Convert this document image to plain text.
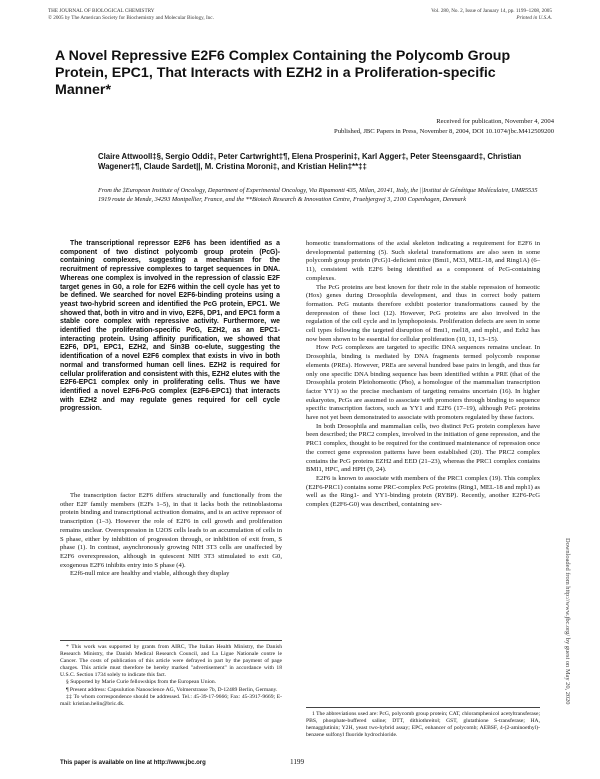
THE JOURNAL OF BIOLOGICAL CHEMISTRY
© 2005 by The American Society for Biochemistry and Molecular Biology, Inc.
Vol. 280, No. 2, Issue of January 14, pp. 1199–1208, 2005
Printed in U.S.A.
A Novel Repressive E2F6 Complex Containing the Polycomb Group Protein, EPC1, That Interacts with EZH2 in a Proliferation-specific Manner*
Received for publication, November 4, 2004
Published, JBC Papers in Press, November 8, 2004, DOI 10.1074/jbc.M412509200
Claire Attwooll‡§, Sergio Oddi‡, Peter Cartwright‡¶, Elena Prosperini‡, Karl Agger‡, Peter Steensgaard‡, Christian Wagener‡¶, Claude Sardet||, M. Cristina Moroni‡, and Kristian Helin‡**‡‡
From the ‡European Institute of Oncology, Department of Experimental Oncology, Via Ripamonti 435, Milan, 20141, Italy, the ||Institut de Génétique Moléculaire, UMR5535 1919 route de Mende, 34293 Montpellier, France, and the **Biotech Research & Innovation Centre, Fruebjergvej 3, 2100 Copenhagen, Denmark
The transcriptional repressor E2F6 has been identified as a component of two distinct polycomb group protein (PcG)-containing complexes, suggesting a mechanism for the recruitment of repressive complexes to target sequences in DNA. Whereas one complex is involved in the repression of classic E2F target genes in G0, a role for E2F6 within the cell cycle has yet to be defined. We searched for novel E2F6-binding proteins using a yeast two-hybrid screen and identified the PcG protein, EPC1. We showed that, both in vitro and in vivo, E2F6, DP1, and EPC1 form a stable core complex with repressive activity. Furthermore, we identified the proliferation-specific PcG, EZH2, as an EPC1-interacting protein. Using affinity purification, we showed that E2F6, DP1, EPC1, EZH2, and Sin3B co-elute, suggesting the identification of a novel E2F6 complex that exists in vivo in both normal and transformed human cell lines. EZH2 is required for cellular proliferation and consistent with this, EZH2 elutes with the E2F6-EPC1 complex only in proliferating cells. Thus we have identified a novel E2F6-PcG complex (E2F6-EPC1) that interacts with EZH2 and may regulate genes required for cell cycle progression.

The transcription factor E2F6 differs structurally and functionally from the other E2F family members (E2Fs 1–5), in that it lacks both the retinoblastoma protein binding and transcriptional activation domains, and is an active repressor of transcription (1–3). However the role of E2F6 in cell growth and proliferation remains unclear. Overexpression in U2OS cells leads to an accumulation of cells in S phase, either by inhibition of progression through, or inhibition of exit from, S phase (1). In contrast, asynchronously growing NIH 3T3 cells are unaffected by E2F6 overexpression, although in quiescent NIH 3T3 stimulated to exit G0, exogenous E2F6 inhibits entry into S phase (4).

E2f6-null mice are healthy and viable, although they display

* This work was supported by grants from AIRC, The Italian Health Ministry, the Danish Research Ministry, the Danish Medical Research Council, and La Ligue Nationale contre le Cancer. The costs of publication of this article were defrayed in part by the payment of page charges. This article must therefore be hereby marked "advertisement" in accordance with 18 U.S.C. Section 1734 solely to indicate this fact.

§ Supported by Marie Curie fellowships from the European Union.

¶ Present address: Capsulution Nanoscience AG, Volmerstrasse 7b, D-12489 Berlin, Germany.

‡‡ To whom correspondence should be addressed. Tel.: 45-39-17-9666; Fax: 45-3917-9669; E-mail: kristian.helin@bric.dk.

homeotic transformations of the axial skeleton indicating a requirement for E2F6 in developmental patterning (5). Such skeletal transformations are also seen in some polycomb group protein (PcG)1-deficient mice (Bmi1, M33, MEL-18, and Ring1A) (6–11), consistent with E2F6 being identified as a component of PcG-containing complexes.

The PcG proteins are best known for their role in the stable repression of homeotic (Hox) genes during Drosophila development, and thus in correct body pattern formation. PcG mutants therefore exhibit posterior transformations caused by the derepression of these loci (12). However, PcG proteins are also involved in the regulation of the cell cycle and in lymphopoiesis. Proliferation defects are seen in some cell types following the targeted disruption of Bmi1, mel18, and mph1, and Ezh2 has now been shown to be essential for cellular proliferation (10, 11, 13–15).

How PcG complexes are targeted to specific DNA sequences remains unclear. In Drosophila, binding is mediated by DNA fragments termed polycomb response elements (PREs). However, PREs are several hundred base pairs in length, and thus far only one specific DNA binding sequence has been identified within a PRE (that of the Drosophila protein Pleiohomeotic (Pho), a homologue of the mammalian transcription factor YY1) so the precise mechanism of targeting remains uncertain (16). In higher eukaryotes, PcGs are assumed to associate with promoters through binding to sequence specific transcription factors, such as YY1 and E2F6 (17–19), although PcG proteins have not yet been demonstrated to associate with promoters regulated by these factors.

In both Drosophila and mammalian cells, two distinct PcG protein complexes have been described; the PRC2 complex, involved in the initiation of gene repression, and the PRC1 complex, thought to be required for the continued maintenance of repression once the correct gene expression patterns have been established (20). The PRC2 complex contains the PcG proteins EZH2 and EED (21–23), whereas the PRC1 complex contains BMI1, HPC, and HPH (9, 24).

E2F6 is known to associate with members of the PRC1 complex (19). This complex (E2F6-PRC1) contains some PRC-complex PcG proteins (Ring1, MEL-18 and mph1) as well as the Ring1- and YY1-binding protein (RYBP). Recently, another E2F6-PcG complex (E2F6-G0) was described, containing sev-

1 The abbreviations used are: PcG, polycomb group protein; CAT, chloramphenicol acetyltransferase; PBS, phosphate-buffered saline; DTT, dithiothreitol; GST, glutathione S-transferase; HA, hemagglutinin; Y2H, yeast two-hybrid assay; EPC, enhancer of polycomb; AEBSF, 4-(2-aminoethyl)-benzene sulfonyl fluoride hydrochloride.

This paper is available on line at http://www.jbc.org	1199
Downloaded from http://www.jbc.org/ by guest on May 20, 2020
